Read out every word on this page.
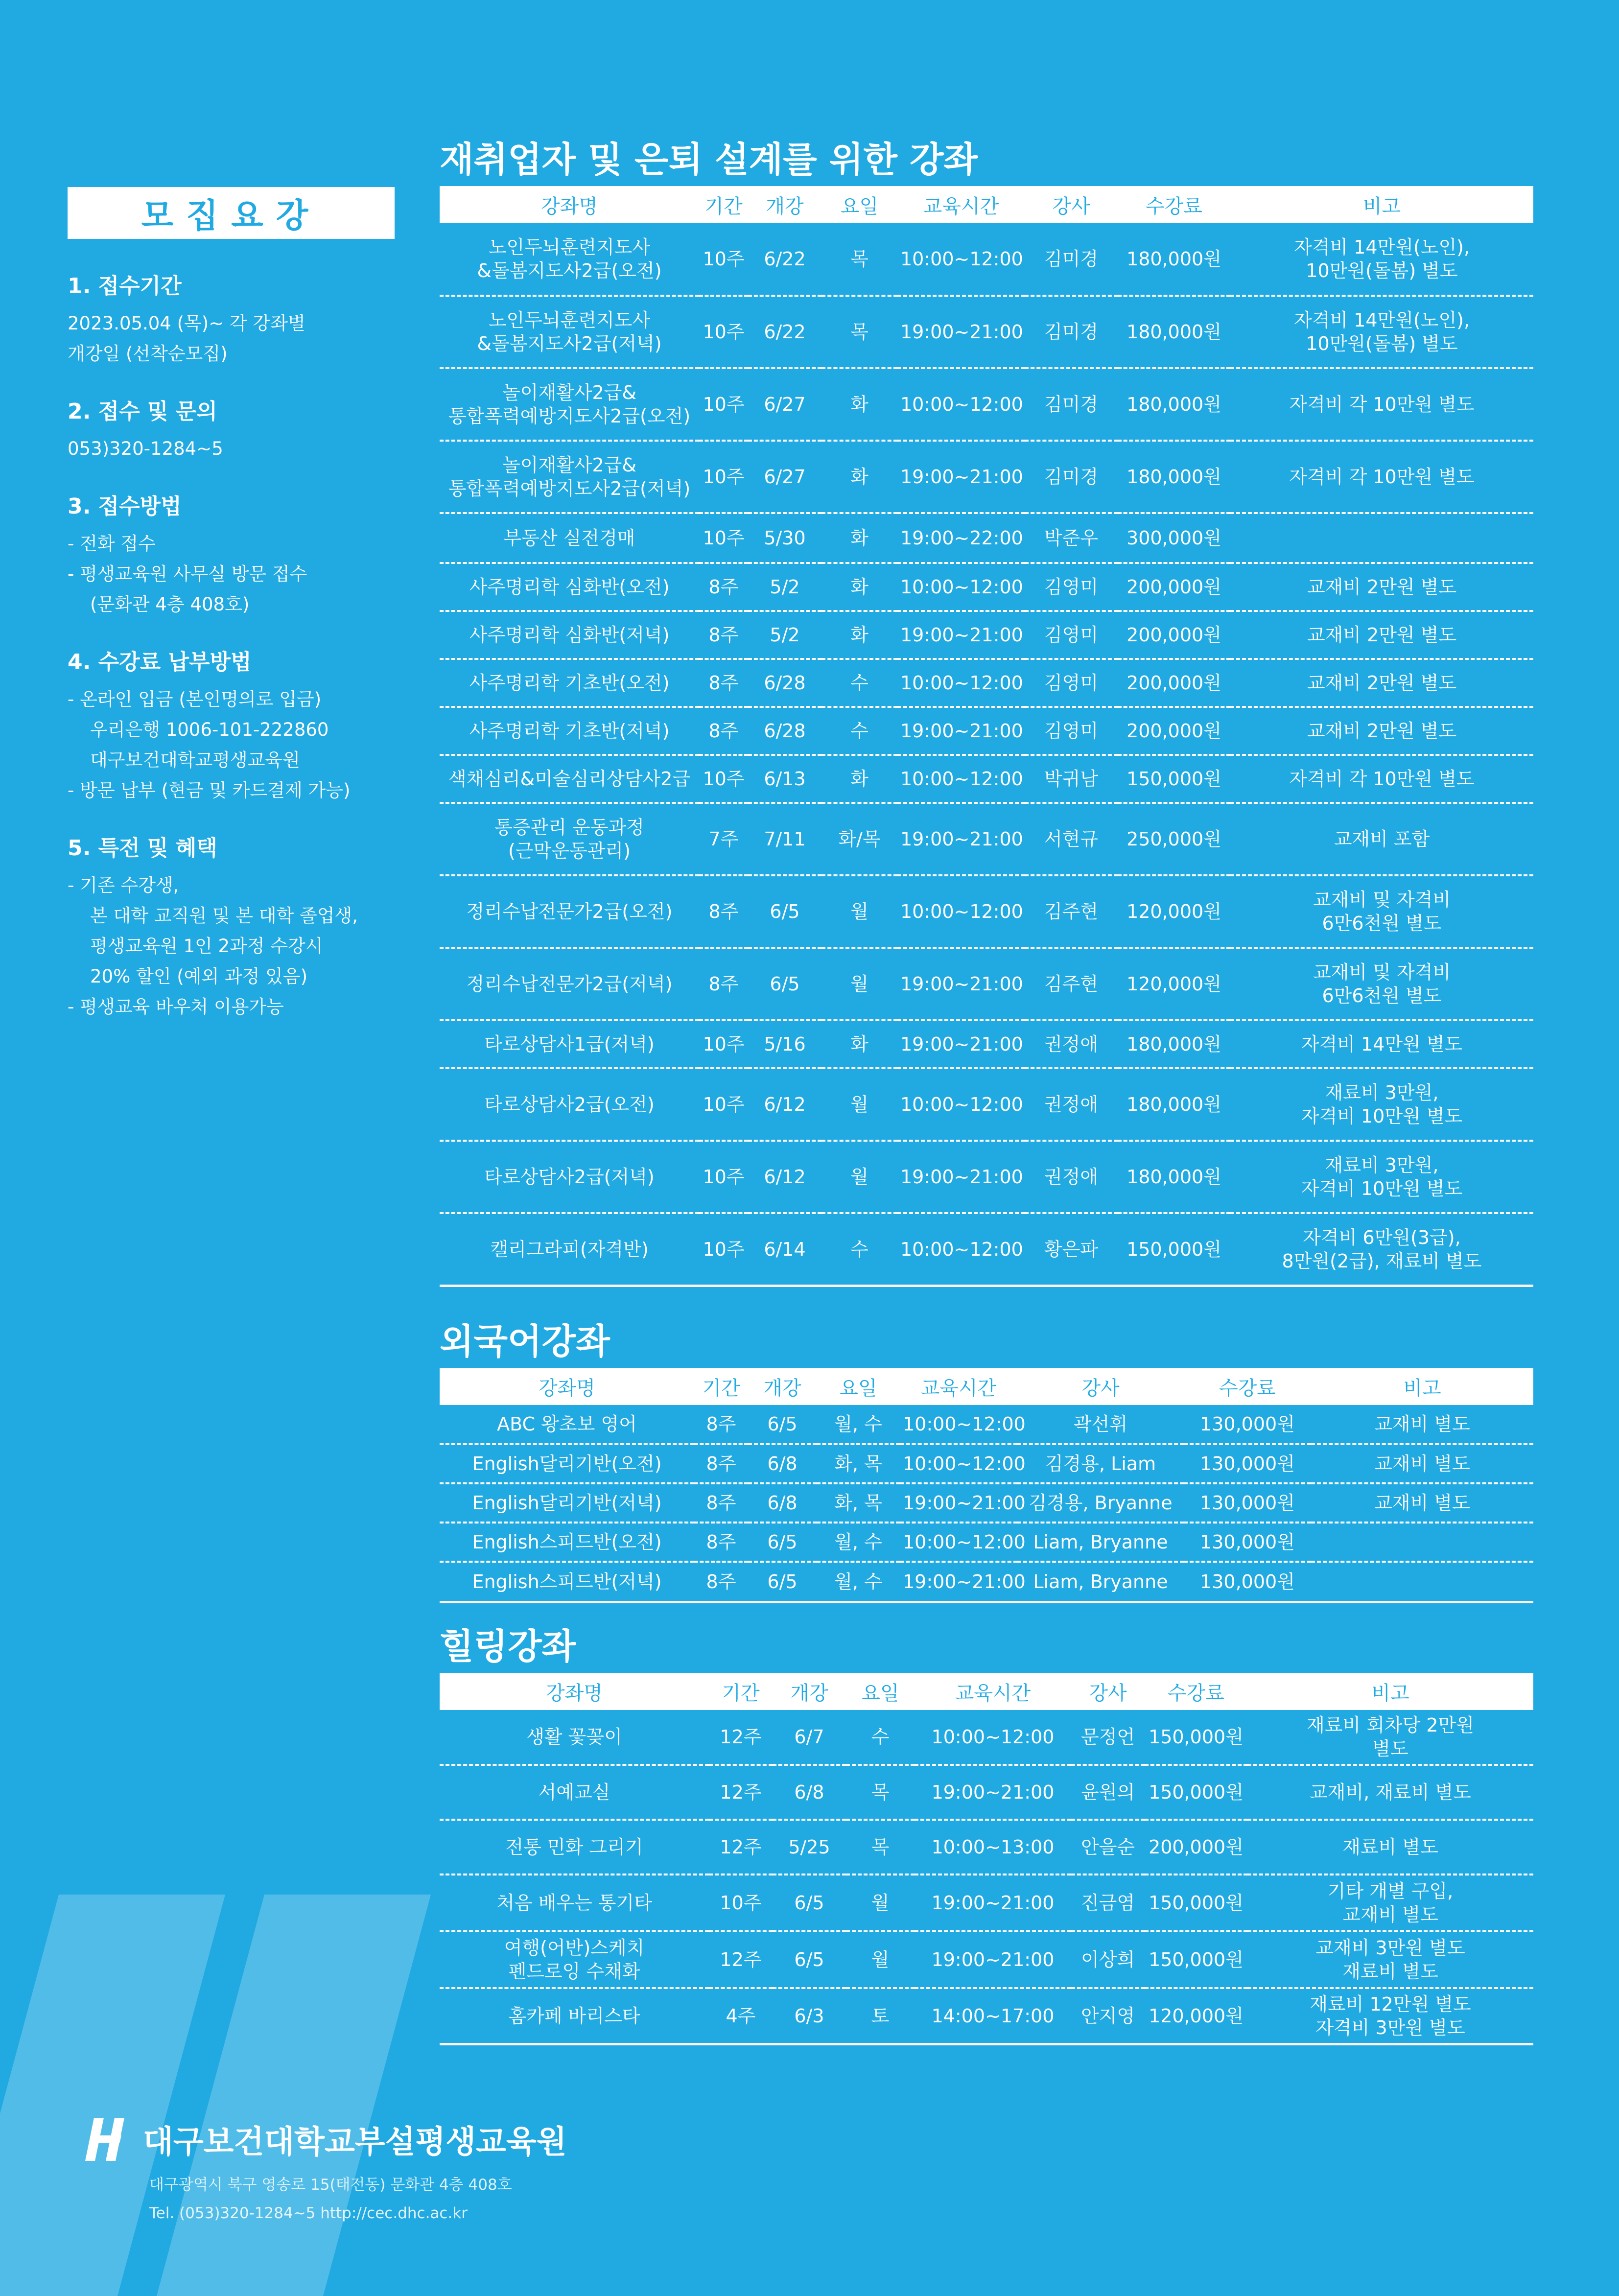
모집요강
1. 접수기간
2023.05.04 (목)~ 각 강좌별
개강일 (선착순모집)
2. 접수 및 문의
053)320-1284~5
3. 접수방법
- 전화 접수
- 평생교육원 사무실 방문 접수
(문화관 4층 408호)
4. 수강료 납부방법
- 온라인 입금 (본인명의로 입금)
우리은행 1006-101-222860
대구보건대학교평생교육원
- 방문 납부 (현금 및 카드결제 가능)
5. 특전 및 혜택
- 기존 수강생,
본 대학 교직원 및 본 대학 졸업생,
평생교육원 1인 2과정 수강시
20% 할인 (예외 과정 있음)
- 평생교육 바우처 이용가능
재취업자 및 은퇴 설계를 위한 강좌
강좌명	기간	개강	요일	교육시간	강사	수강료	비고
노인두뇌훈련지도사
&돌봄지도사2급(오전)	10주	6/22	목	10:00~12:00	김미경	180,000원	자격비 14만원(노인),
10만원(돌봄) 별도
노인두뇌훈련지도사
&돌봄지도사2급(저녁)	10주	6/22	목	19:00~21:00	김미경	180,000원	자격비 14만원(노인),
10만원(돌봄) 별도
놀이재활사2급&
통합폭력예방지도사2급(오전)	10주	6/27	화	10:00~12:00	김미경	180,000원	자격비 각 10만원 별도
놀이재활사2급&
통합폭력예방지도사2급(저녁)	10주	6/27	화	19:00~21:00	김미경	180,000원	자격비 각 10만원 별도
부동산 실전경매	10주	5/30	화	19:00~22:00	박준우	300,000원	
사주명리학 심화반(오전)	8주	5/2	화	10:00~12:00	김영미	200,000원	교재비 2만원 별도
사주명리학 심화반(저녁)	8주	5/2	화	19:00~21:00	김영미	200,000원	교재비 2만원 별도
사주명리학 기초반(오전)	8주	6/28	수	10:00~12:00	김영미	200,000원	교재비 2만원 별도
사주명리학 기초반(저녁)	8주	6/28	수	19:00~21:00	김영미	200,000원	교재비 2만원 별도
색채심리&미술심리상담사2급	10주	6/13	화	10:00~12:00	박귀남	150,000원	자격비 각 10만원 별도
통증관리 운동과정
(근막운동관리)	7주	7/11	화/목	19:00~21:00	서현규	250,000원	교재비 포함
정리수납전문가2급(오전)	8주	6/5	월	10:00~12:00	김주현	120,000원	교재비 및 자격비
6만6천원 별도
정리수납전문가2급(저녁)	8주	6/5	월	19:00~21:00	김주현	120,000원	교재비 및 자격비
6만6천원 별도
타로상담사1급(저녁)	10주	5/16	화	19:00~21:00	권정애	180,000원	자격비 14만원 별도
타로상담사2급(오전)	10주	6/12	월	10:00~12:00	권정애	180,000원	재료비 3만원,
자격비 10만원 별도
타로상담사2급(저녁)	10주	6/12	월	19:00~21:00	권정애	180,000원	재료비 3만원,
자격비 10만원 별도
캘리그라피(자격반)	10주	6/14	수	10:00~12:00	황은파	150,000원	자격비 6만원(3급),
8만원(2급), 재료비 별도
외국어강좌
강좌명	기간	개강	요일	교육시간	강사	수강료	비고
ABC 왕초보 영어	8주	6/5	월, 수	10:00~12:00	곽선휘	130,000원	교재비 별도
English달리기반(오전)	8주	6/8	화, 목	10:00~12:00	김경용, Liam	130,000원	교재비 별도
English달리기반(저녁)	8주	6/8	화, 목	19:00~21:00	김경용, Bryanne	130,000원	교재비 별도
English스피드반(오전)	8주	6/5	월, 수	10:00~12:00	Liam, Bryanne	130,000원	
English스피드반(저녁)	8주	6/5	월, 수	19:00~21:00	Liam, Bryanne	130,000원	
힐링강좌
강좌명	기간	개강	요일	교육시간	강사	수강료	비고
생활 꽃꽂이	12주	6/7	수	10:00~12:00	문정언	150,000원	재료비 회차당 2만원
별도
서예교실	12주	6/8	목	19:00~21:00	윤원의	150,000원	교재비, 재료비 별도
전통 민화 그리기	12주	5/25	목	10:00~13:00	안을순	200,000원	재료비 별도
처음 배우는 통기타	10주	6/5	월	19:00~21:00	진금염	150,000원	기타 개별 구입,
교재비 별도
여행(어반)스케치
펜드로잉 수채화	12주	6/5	월	19:00~21:00	이상희	150,000원	교재비 3만원 별도
재료비 별도
홈카페 바리스타	4주	6/3	토	14:00~17:00	안지영	120,000원	재료비 12만원 별도
자격비 3만원 별도
대구보건대학교부설평생교육원
대구광역시 북구 영송로 15(태전동) 문화관 4층 408호
Tel. (053)320-1284~5 http://cec.dhc.ac.kr
